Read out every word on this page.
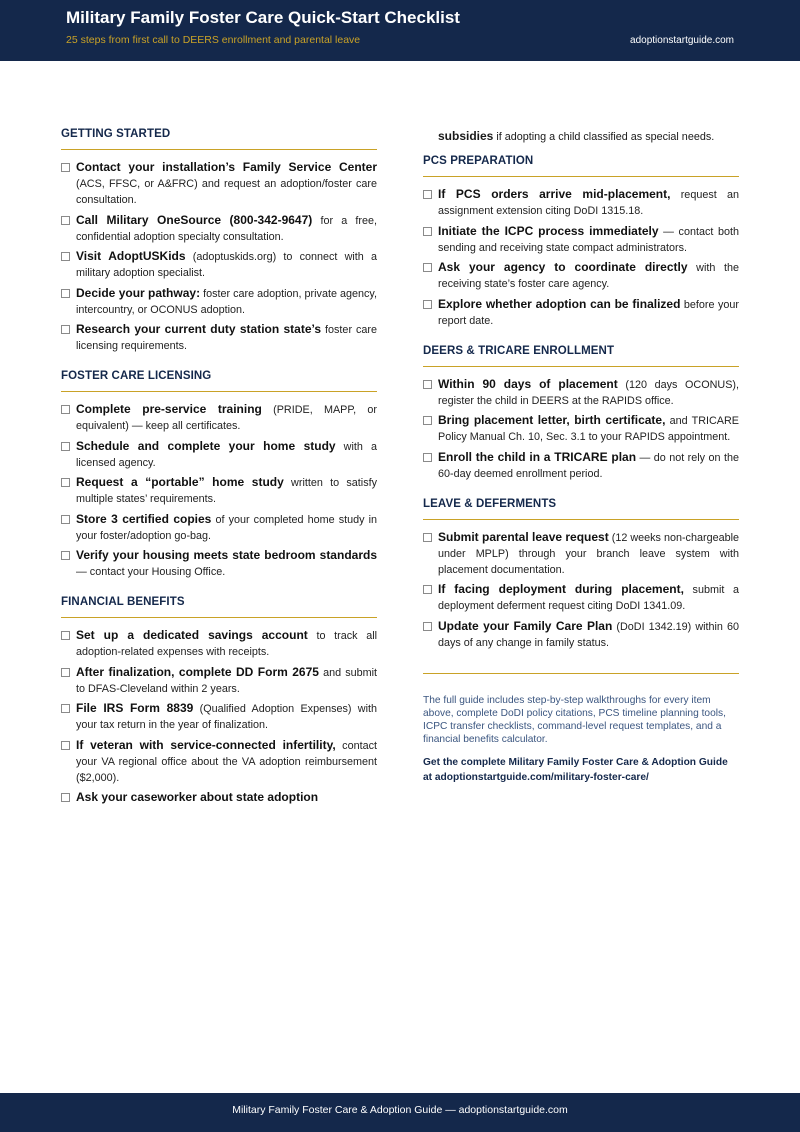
Military Family Foster Care Quick-Start Checklist
25 steps from first call to DEERS enrollment and parental leave	adoptionstartguide.com
GETTING STARTED
Contact your installation’s Family Service Center (ACS, FFSC, or A&FRC) and request an adoption/foster care consultation.
Call Military OneSource (800-342-9647) for a free, confidential adoption specialty consultation.
Visit AdoptUSKids (adoptuskids.org) to connect with a military adoption specialist.
Decide your pathway: foster care adoption, private agency, intercountry, or OCONUS adoption.
Research your current duty station state’s foster care licensing requirements.
FOSTER CARE LICENSING
Complete pre-service training (PRIDE, MAPP, or equivalent) — keep all certificates.
Schedule and complete your home study with a licensed agency.
Request a “portable” home study written to satisfy multiple states’ requirements.
Store 3 certified copies of your completed home study in your foster/adoption go-bag.
Verify your housing meets state bedroom standards — contact your Housing Office.
FINANCIAL BENEFITS
Set up a dedicated savings account to track all adoption-related expenses with receipts.
After finalization, complete DD Form 2675 and submit to DFAS-Cleveland within 2 years.
File IRS Form 8839 (Qualified Adoption Expenses) with your tax return in the year of finalization.
If veteran with service-connected infertility, contact your VA regional office about the VA adoption reimbursement ($2,000).
Ask your caseworker about state adoption
subsidies if adopting a child classified as special needs.
PCS PREPARATION
If PCS orders arrive mid-placement, request an assignment extension citing DoDI 1315.18.
Initiate the ICPC process immediately — contact both sending and receiving state compact administrators.
Ask your agency to coordinate directly with the receiving state’s foster care agency.
Explore whether adoption can be finalized before your report date.
DEERS & TRICARE ENROLLMENT
Within 90 days of placement (120 days OCONUS), register the child in DEERS at the RAPIDS office.
Bring placement letter, birth certificate, and TRICARE Policy Manual Ch. 10, Sec. 3.1 to your RAPIDS appointment.
Enroll the child in a TRICARE plan — do not rely on the 60-day deemed enrollment period.
LEAVE & DEFERMENTS
Submit parental leave request (12 weeks non-chargeable under MPLP) through your branch leave system with placement documentation.
If facing deployment during placement, submit a deployment deferment request citing DoDI 1341.09.
Update your Family Care Plan (DoDI 1342.19) within 60 days of any change in family status.
The full guide includes step-by-step walkthroughs for every item above, complete DoDI policy citations, PCS timeline planning tools, ICPC transfer checklists, command-level request templates, and a financial benefits calculator.
Get the complete Military Family Foster Care & Adoption Guide at adoptionstartguide.com/military-foster-care/
Military Family Foster Care & Adoption Guide — adoptionstartguide.com
